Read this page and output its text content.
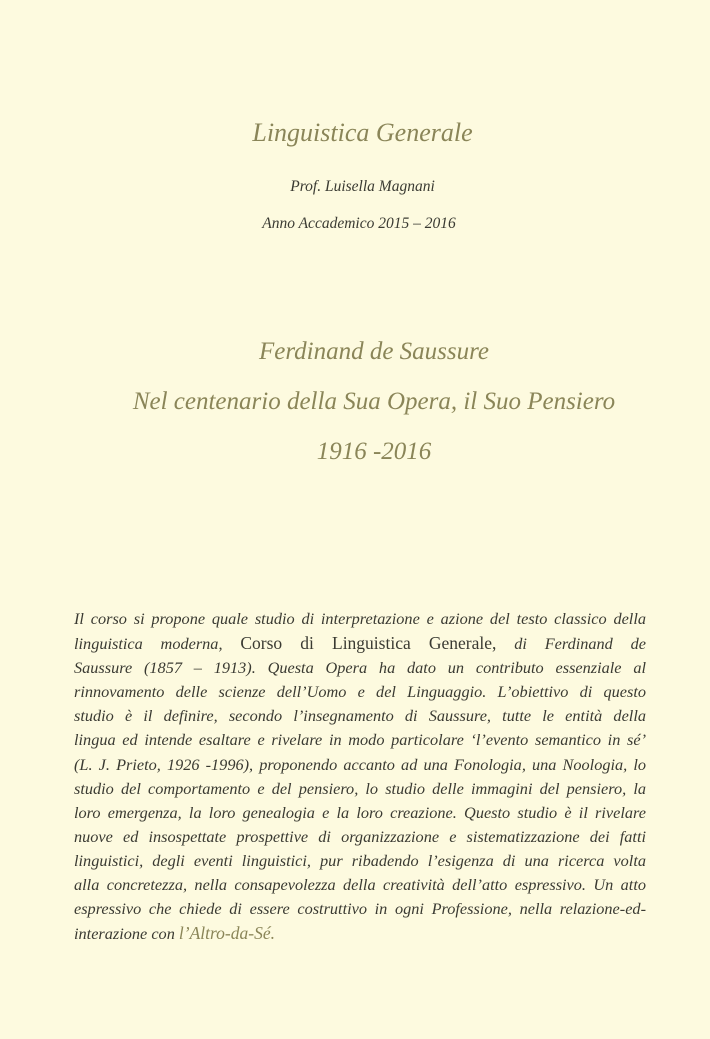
Linguistica Generale
Prof. Luisella Magnani
Anno Accademico 2015 – 2016
Ferdinand de Saussure
Nel centenario della Sua Opera, il Suo Pensiero
1916 -2016
Il corso si propone quale studio di interpretazione e azione del testo classico della
linguistica moderna, Corso di Linguistica Generale, di Ferdinand de
Saussure (1857 – 1913). Questa Opera ha dato un contributo essenziale al
rinnovamento delle scienze dell’Uomo e del Linguaggio. L’obiettivo di questo
studio è il definire, secondo l’insegnamento di Saussure, tutte le entità della
lingua ed intende esaltare e rivelare in modo particolare ‘l’evento semantico in sé’
(L. J. Prieto, 1926 -1996), proponendo accanto ad una Fonologia, una Noologia, lo
studio del comportamento e del pensiero, lo studio delle immagini del pensiero, la
loro emergenza, la loro genealogia e la loro creazione. Questo studio è il rivelare
nuove ed insospettate prospettive di organizzazione e sistematizzazione dei fatti
linguistici, degli eventi linguistici, pur ribadendo l’esigenza di una ricerca volta
alla concretezza, nella consapevolezza della creatività dell’atto espressivo. Un atto
espressivo che chiede di essere costruttivo in ogni Professione, nella relazione-ed-
interazione con l’Altro-da-Sé.
